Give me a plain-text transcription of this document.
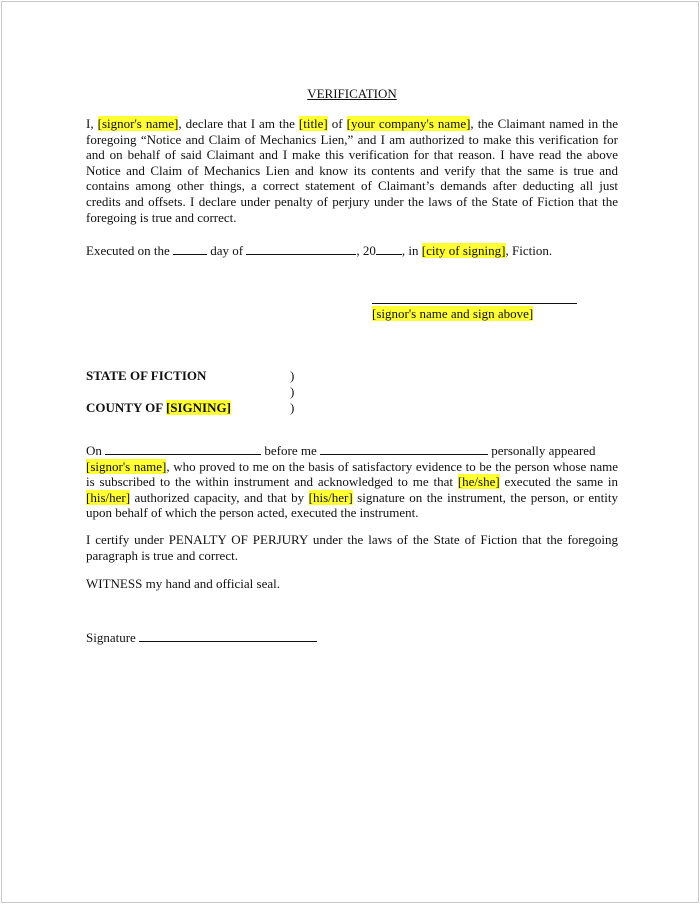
VERIFICATION

I, [signor's name], declare that I am the [title] of [your company's name], the Claimant named in the foregoing “Notice and Claim of Mechanics Lien,” and I am authorized to make this verification for and on behalf of said Claimant and I make this verification for that reason. I have read the above Notice and Claim of Mechanics Lien and know its contents and verify that the same is true and contains among other things, a correct statement of Claimant’s demands after deducting all just credits and offsets. I declare under penalty of perjury under the laws of the State of Fiction that the foregoing is true and correct.

Executed on the	day of	, 20 , in [city of signing], Fiction.
[signor's name and sign above]
STATE OF FICTION	)
)
COUNTY OF [SIGNING]	)

On	before me	personally appeared
[signor's name], who proved to me on the basis of satisfactory evidence to be the person whose name is subscribed to the within instrument and acknowledged to me that [he/she] executed the same in [his/her] authorized capacity, and that by [his/her] signature on the instrument, the person, or entity upon behalf of which the person acted, executed the instrument.

I certify under PENALTY OF PERJURY under the laws of the State of Fiction that the foregoing paragraph is true and correct.

WITNESS my hand and official seal.

Signature
